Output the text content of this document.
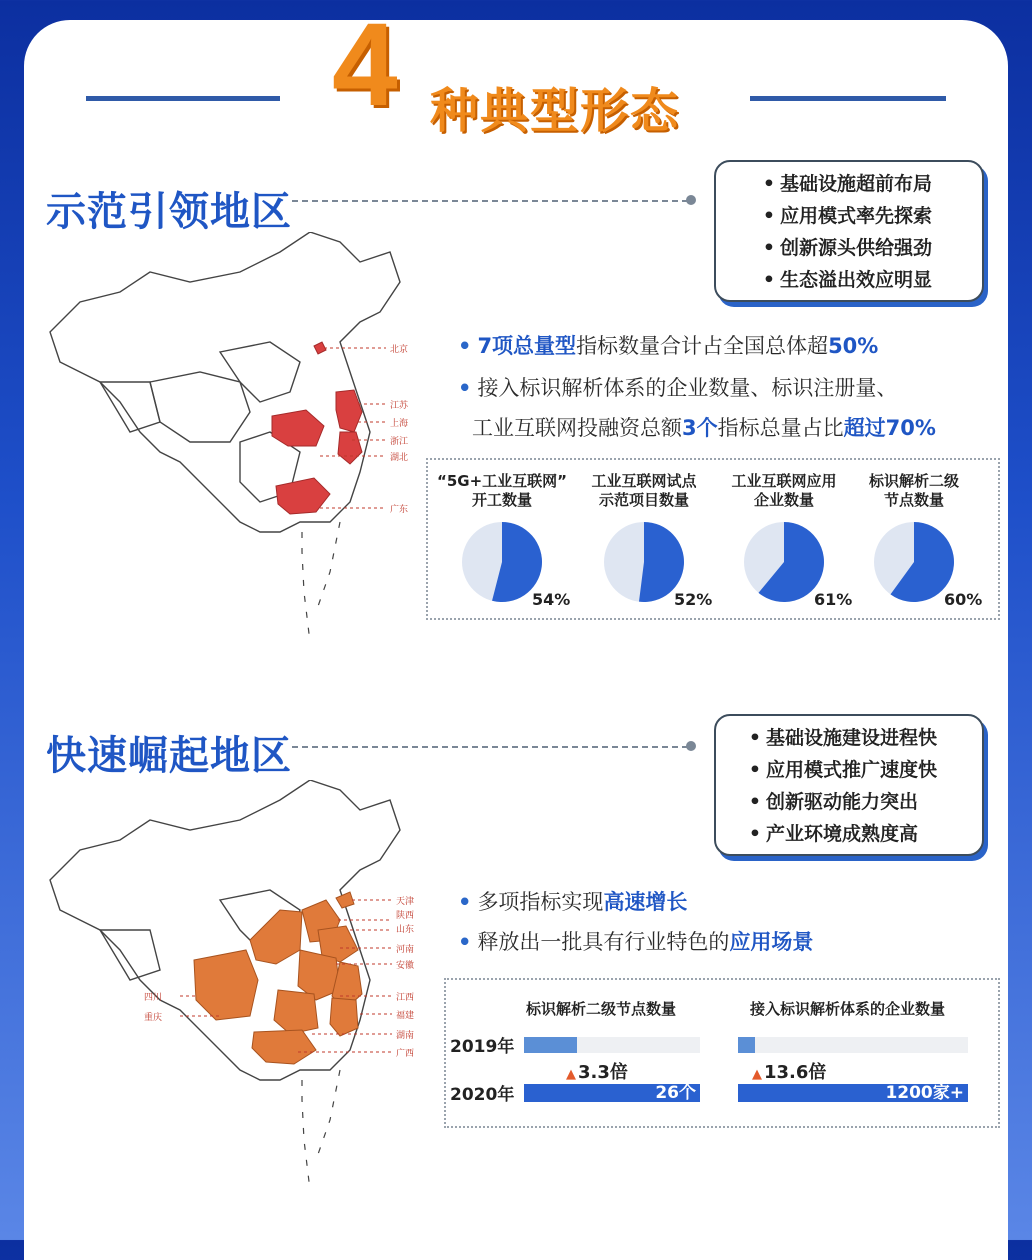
4 种典型形态
示范引领地区
• 基础设施超前布局
• 应用模式率先探索
• 创新源头供给强劲
• 生态溢出效应明显
北京
江苏
上海
浙江
湖北
广东
• 7项总量型指标数量合计占全国总体超50%
• 接入标识解析体系的企业数量、标识注册量、
工业互联网投融资总额3个指标总量占比超过70%
“5G+工业互联网”
开工数量
54%
工业互联网试点
示范项目数量
52%
工业互联网应用
企业数量
61%
标识解析二级
节点数量
60%
快速崛起地区	• 基础设施建设进程快
• 应用模式推广速度快
• 创新驱动能力突出
• 产业环境成熟度高
天津
陕西
山东
河南
安徽
四川
重庆
江西
福建
湖南
广西
• 多项指标实现高速增长
• 释放出一批具有行业特色的应用场景
标识解析二级节点数量	接入标识解析体系的企业数量
2019年
2020年
▲ 3.3倍
26个
▲ 13.6倍
1200家+
